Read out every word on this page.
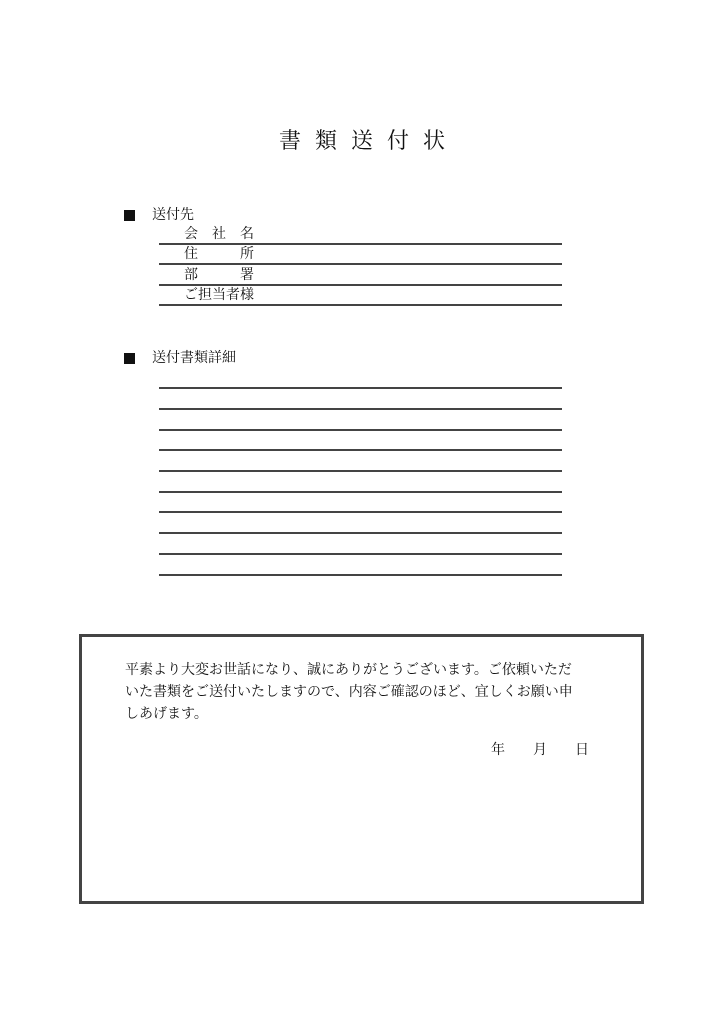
書類送付状
送付先
会　社　名
住　　　所
部　　　署
ご担当者様
送付書類詳細
平素より大変お世話になり、誠にありがとうございます。ご依頼いただ
いた書類をご送付いたしますので、内容ご確認のほど、宜しくお願い申
しあげます。
年　　月　　日
